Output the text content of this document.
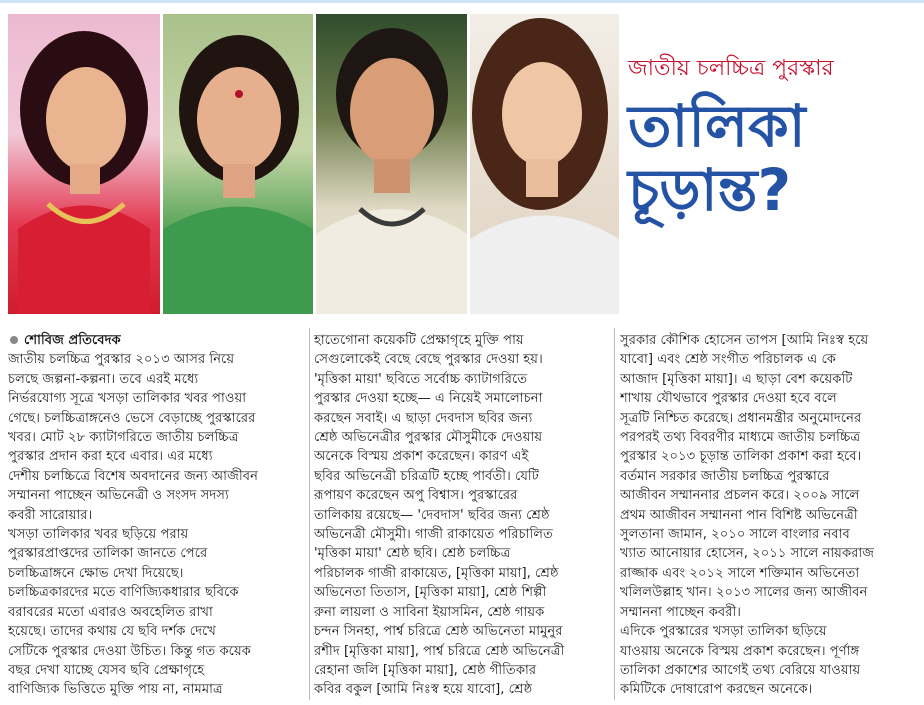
জাতীয় চলচ্চিত্র পুরস্কার
তালিকা
চূড়ান্ত?
শোবিজ প্রতিবেদক
জাতীয় চলচ্চিত্র পুরস্কার ২০১৩ আসর নিয়ে
চলছে জল্পনা-কল্পনা। তবে এরই মধ্যে
নির্ভরযোগ্য সূত্রে খসড়া তালিকার খবর পাওয়া
গেছে। চলচ্চিত্রাঙ্গনেও ভেসে বেড়াচ্ছে পুরস্কারের
খবর। মোট ২৮ ক্যাটাগরিতে জাতীয় চলচ্চিত্র
পুরস্কার প্রদান করা হবে এবার। এর মধ্যে
দেশীয় চলচ্চিত্রে বিশেষ অবদানের জন্য আজীবন
সম্মাননা পাচ্ছেন অভিনেত্রী ও সংসদ সদস্য
কবরী সারোয়ার।
খসড়া তালিকার খবর ছড়িয়ে পরায়
পুরস্কারপ্রাপ্তদের তালিকা জানতে পেরে
চলচ্চিত্রাঙ্গনে ক্ষোভ দেখা দিয়েছে।
চলচ্চিত্রকারদের মতে বাণিজ্যিকধারার ছবিকে
বরাবরের মতো এবারও অবহেলিত রাখা
হয়েছে। তাদের কথায় যে ছবি দর্শক দেখে
সেটিকে পুরস্কার দেওয়া উচিত। কিন্তু গত কয়েক
বছর দেখা যাচ্ছে যেসব ছবি প্রেক্ষাগৃহে
বাণিজ্যিক ভিত্তিতে মুক্তি পায় না, নামমাত্র
হাতেগোনা কয়েকটি প্রেক্ষাগৃহে মুক্তি পায়
সেগুলোকেই বেছে বেছে পুরস্কার দেওয়া হয়।
'মৃত্তিকা মায়া' ছবিতে সর্বোচ্চ ক্যাটাগরিতে
পুরস্কার দেওয়া হচ্ছে— এ নিয়েই সমালোচনা
করছেন সবাই। এ ছাড়া দেবদাস ছবির জন্য
শ্রেষ্ঠ অভিনেত্রীর পুরস্কার মৌসুমীকে দেওয়ায়
অনেকে বিস্ময় প্রকাশ করেছেন। কারণ এই
ছবির অভিনেত্রী চরিত্রটি হচ্ছে পার্বতী। যেটি
রূপায়ণ করেছেন অপু বিশ্বাস। পুরস্কারের
তালিকায় রয়েছে— 'দেবদাস' ছবির জন্য শ্রেষ্ঠ
অভিনেত্রী মৌসুমী। গাজী রাকায়েত পরিচালিত
'মৃত্তিকা মায়া' শ্রেষ্ঠ ছবি। শ্রেষ্ঠ চলচ্চিত্র
পরিচালক গাজী রাকায়েত, [মৃত্তিকা মায়া], শ্রেষ্ঠ
অভিনেতা তিতাস, [মৃত্তিকা মায়া], শ্রেষ্ঠ শিল্পী
রুনা লায়লা ও সাবিনা ইয়াসমিন, শ্রেষ্ঠ গায়ক
চন্দন সিনহা, পার্শ্ব চরিত্রে শ্রেষ্ঠ অভিনেতা মামুনুর
রশীদ [মৃত্তিকা মায়া], পার্শ্ব চরিত্রে শ্রেষ্ঠ অভিনেত্রী
রেহানা জলি [মৃত্তিকা মায়া], শ্রেষ্ঠ গীতিকার
কবির বকুল [আমি নিঃস্ব হয়ে যাবো], শ্রেষ্ঠ
সুরকার কৌশিক হোসেন তাপস [আমি নিঃস্ব হয়ে
যাবো] এবং শ্রেষ্ঠ সংগীত পরিচালক এ কে
আজাদ [মৃত্তিকা মায়া]। এ ছাড়া বেশ কয়েকটি
শাখায় যৌথভাবে পুরস্কার দেওয়া হবে বলে
সূত্রটি নিশ্চিত করেছে। প্রধানমন্ত্রীর অনুমোদনের
পরপরই তথ্য বিবরণীর মাধ্যমে জাতীয় চলচ্চিত্র
পুরস্কার ২০১৩ চূড়ান্ত তালিকা প্রকাশ করা হবে।
বর্তমান সরকার জাতীয় চলচ্চিত্র পুরস্কারে
আজীবন সম্মাননার প্রচলন করে। ২০০৯ সালে
প্রথম আজীবন সম্মাননা পান বিশিষ্ট অভিনেত্রী
সুলতানা জামান, ২০১০ সালে বাংলার নবাব
খ্যাত আনোয়ার হোসেন, ২০১১ সালে নায়করাজ
রাজ্জাক এবং ২০১২ সালে শক্তিমান অভিনেতা
খলিলউল্লাহ খান। ২০১৩ সালের জন্য আজীবন
সম্মাননা পাচ্ছেন কবরী।
এদিকে পুরস্কারের খসড়া তালিকা ছড়িয়ে
যাওয়ায় অনেকে বিস্ময় প্রকাশ করেছেন। পূর্ণাঙ্গ
তালিকা প্রকাশের আগেই তথ্য বেরিয়ে যাওয়ায়
কমিটিকে দোষারোপ করছেন অনেকে।
